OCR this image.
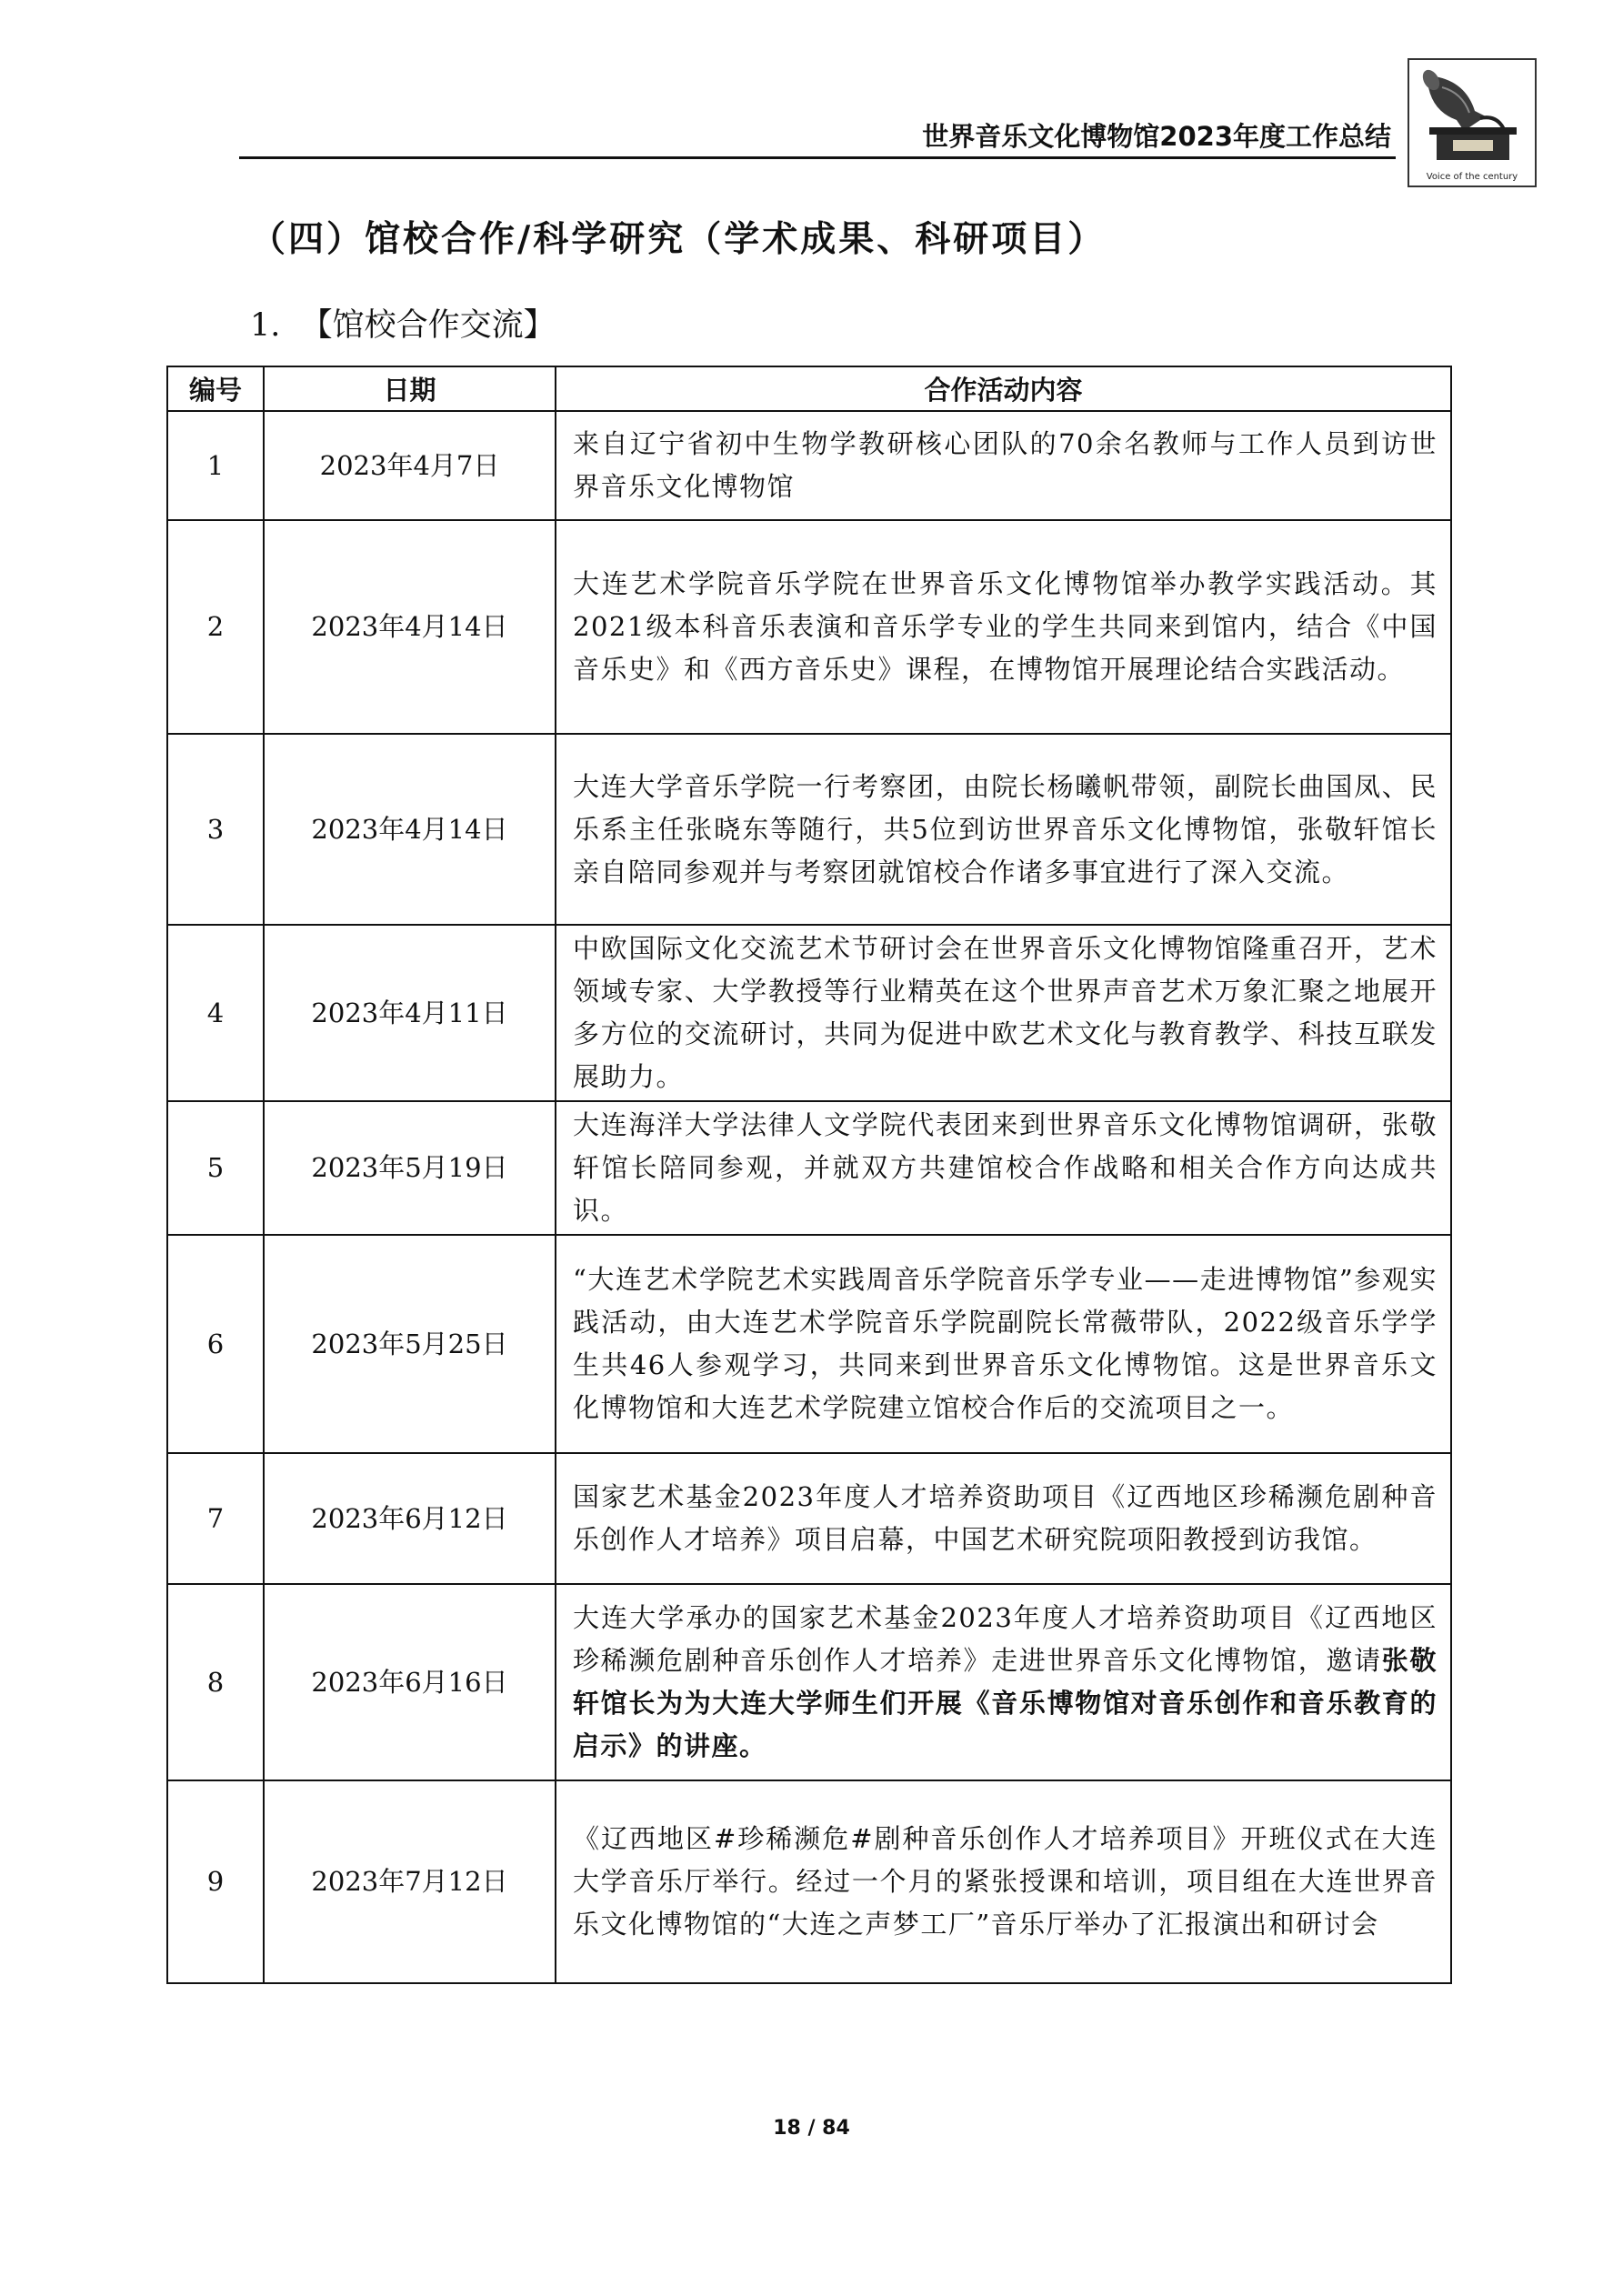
世界音乐文化博物馆2023年度工作总结
Voice of the century
（四）馆校合作/科学研究（学术成果、科研项目）
1.  【馆校合作交流】
编号	日期	合作活动内容
1	2023年4月7日	来自辽宁省初中生物学教研核心团队的70余名教师与工作人员到访世界音乐文化博物馆
2	2023年4月14日	大连艺术学院音乐学院在世界音乐文化博物馆举办教学实践活动。其2021级本科音乐表演和音乐学专业的学生共同来到馆内，结合《中国音乐史》和《西方音乐史》课程，在博物馆开展理论结合实践活动。
3	2023年4月14日	大连大学音乐学院一行考察团，由院长杨曦帆带领，副院长曲国凤、民乐系主任张晓东等随行，共5位到访世界音乐文化博物馆，张敬轩馆长亲自陪同参观并与考察团就馆校合作诸多事宜进行了深入交流。
4	2023年4月11日	中欧国际文化交流艺术节研讨会在世界音乐文化博物馆隆重召开，艺术领域专家、大学教授等行业精英在这个世界声音艺术万象汇聚之地展开多方位的交流研讨，共同为促进中欧艺术文化与教育教学、科技互联发展助力。
5	2023年5月19日	大连海洋大学法律人文学院代表团来到世界音乐文化博物馆调研，张敬轩馆长陪同参观，并就双方共建馆校合作战略和相关合作方向达成共识。
6	2023年5月25日	“大连艺术学院艺术实践周音乐学院音乐学专业——走进博物馆”参观实践活动，由大连艺术学院音乐学院副院长常薇带队，2022级音乐学学生共46人参观学习，共同来到世界音乐文化博物馆。这是世界音乐文化博物馆和大连艺术学院建立馆校合作后的交流项目之一。
7	2023年6月12日	国家艺术基金2023年度人才培养资助项目《辽西地区珍稀濒危剧种音乐创作人才培养》项目启幕，中国艺术研究院项阳教授到访我馆。
8	2023年6月16日	大连大学承办的国家艺术基金2023年度人才培养资助项目《辽西地区珍稀濒危剧种音乐创作人才培养》走进世界音乐文化博物馆，邀请张敬轩馆长为为大连大学师生们开展《音乐博物馆对音乐创作和音乐教育的启示》的讲座。
9	2023年7月12日	《辽西地区#珍稀濒危#剧种音乐创作人才培养项目》开班仪式在大连大学音乐厅举行。经过一个月的紧张授课和培训，项目组在大连世界音乐文化博物馆的“大连之声梦工厂”音乐厅举办了汇报演出和研讨会
18 / 84
